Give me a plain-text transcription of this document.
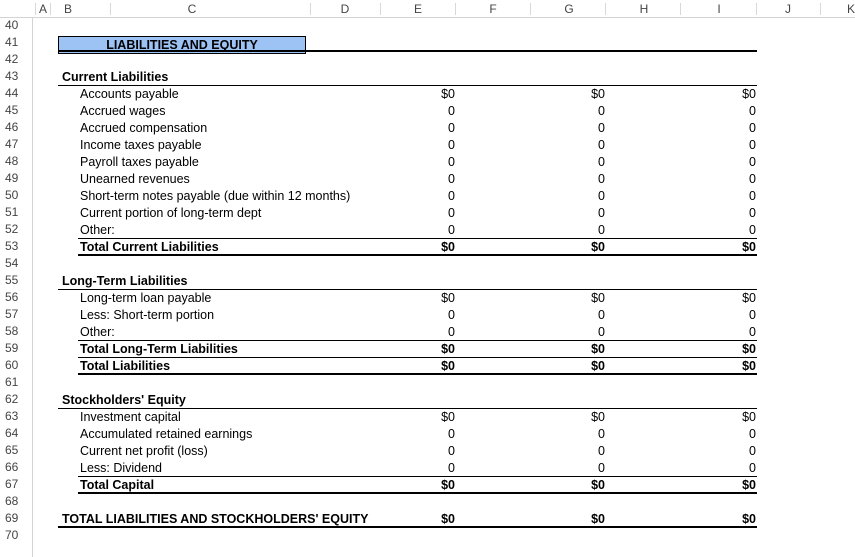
A B	C	D	E	F	G	H	I	J	K
40
41
42
43
44
45
46
47
48
49
50
51
52
53
54
55
56
57
58
59
60
61
62
63
64
65
66
67
68
69
70
LIABILITIES AND EQUITY
Current Liabilities
Accounts payable	$0	$0	$0
Accrued wages	0	0	0
Accrued compensation	0	0	0
Income taxes payable	0	0	0
Payroll taxes payable	0	0	0
Unearned revenues	0	0	0
Short-term notes payable (due within 12 months)	0	0	0
Current portion of long-term dept	0	0	0
Other:	0	0	0
Total Current Liabilities	$0	$0	$0
Long-Term Liabilities
Long-term loan payable	$0	$0	$0
Less: Short-term portion	0	0	0
Other:	0	0	0
Total Long-Term Liabilities	$0	$0	$0
Total Liabilities	$0	$0	$0
Stockholders' Equity
Investment capital	$0	$0	$0
Accumulated retained earnings	0	0	0
Current net profit (loss)	0	0	0
Less: Dividend	0	0	0
Total Capital	$0	$0	$0
TOTAL LIABILITIES AND STOCKHOLDERS' EQUITY	$0	$0	$0
